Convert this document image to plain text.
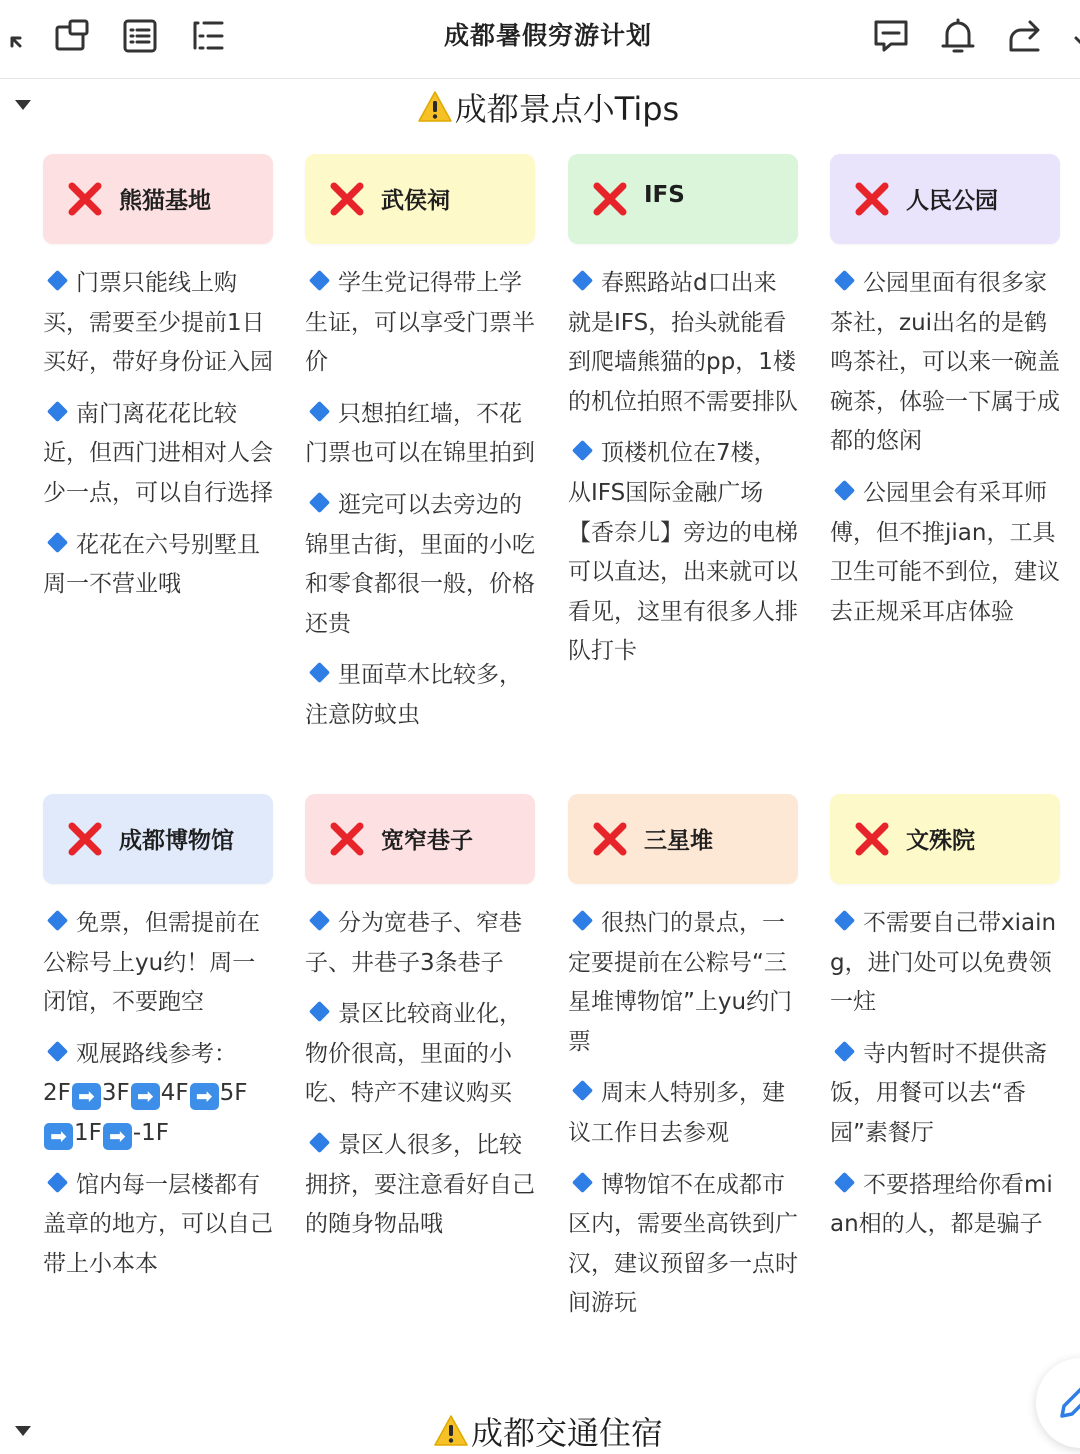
成都暑假穷游计划
成都景点小Tips
熊猫基地
门票只能线上购买，需要至少提前1日买好，带好身份证入园
南门离花花比较近，但西门进相对人会少一点，可以自行选择
花花在六号别墅且周一不营业哦
武侯祠
学生党记得带上学生证，可以享受门票半价
只想拍红墙，不花门票也可以在锦里拍到
逛完可以去旁边的锦里古街，里面的小吃和零食都很一般，价格还贵
里面草木比较多，注意防蚊虫
IFS
春熙路站d口出来就是IFS，抬头就能看到爬墙熊猫的pp，1楼的机位拍照不需要排队
顶楼机位在7楼，从IFS国际金融广场【香奈儿】旁边的电梯可以直达，出来就可以看见，这里有很多人排队打卡
人民公园
公园里面有很多家茶社，zui出名的是鹤鸣茶社，可以来一碗盖碗茶，体验一下属于成都的悠闲
公园里会有采耳师傅，但不推jian，工具卫生可能不到位，建议去正规采耳店体验
成都博物馆
免票，但需提前在公粽号上yu约！周一闭馆，不要跑空
观展路线参考：
2F ➡ 3F ➡ 4F ➡ 5F
➡ 1F ➡ -1F
馆内每一层楼都有盖章的地方，可以自己带上小本本
宽窄巷子
分为宽巷子、窄巷子、井巷子3条巷子
景区比较商业化，物价很高，里面的小吃、特产不建议购买
景区人很多，比较拥挤，要注意看好自己的随身物品哦
三星堆
很热门的景点，一定要提前在公粽号“三星堆博物馆”上yu约门票
周末人特别多，建议工作日去参观
博物馆不在成都市区内，需要坐高铁到广汉，建议预留多一点时间游玩
文殊院
不需要自己带xiaing，进门处可以免费领一炷
寺内暂时不提供斋饭，用餐可以去“香园”素餐厅
不要搭理给你看mian相的人，都是骗子
成都交通住宿
